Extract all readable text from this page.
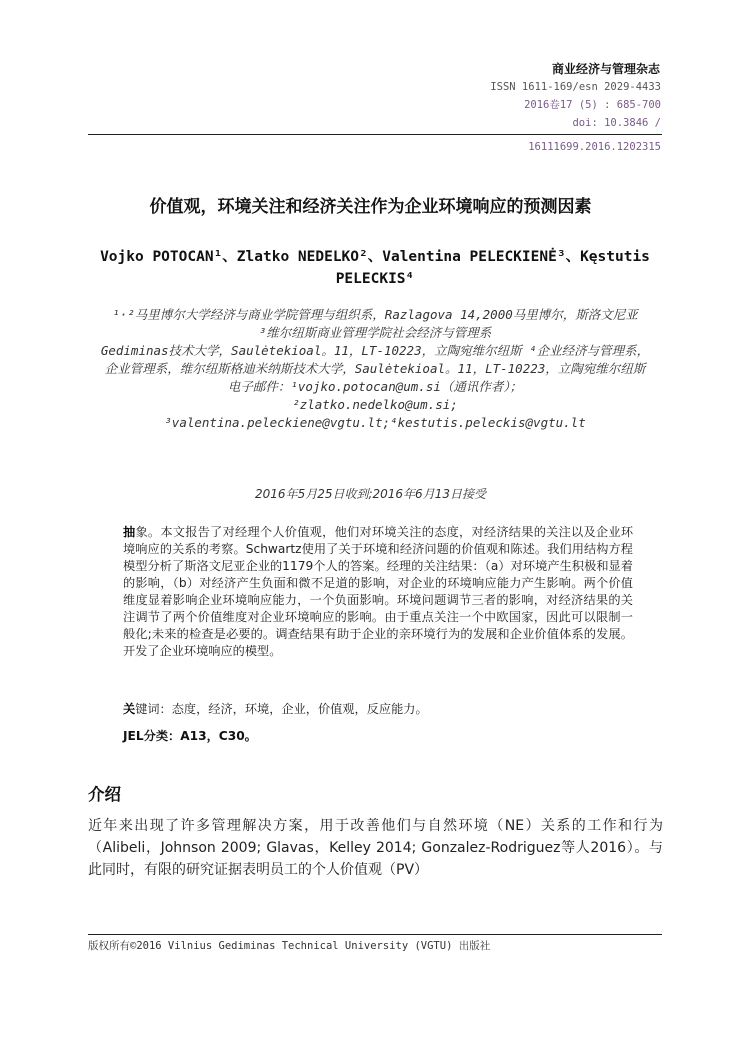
商业经济与管理杂志
ISSN 1611-169/esn 2029-4433
2016卷17 (5) : 685-700
doi: 10.3846 /
16111699.2016.1202315
价值观，环境关注和经济关注作为企业环境响应的预测因素
Vojko POTOCAN¹、Zlatko NEDELKO²、Valentina PELECKIENĖ³、Kęstutis
PELECKIS⁴

¹·²马里博尔大学经济与商业学院管理与组织系，Razlagova 14,2000马里博尔，斯洛文尼亚

³维尔纽斯商业管理学院社会经济与管理系

Gediminas技术大学，Saulėtekioal。11，LT-10223，立陶宛维尔纽斯 ⁴企业经济与管理系，企业管理系，维尔纽斯格迪米纳斯技术大学，Saulėtekioal。11，LT-10223，立陶宛维尔纽斯

电子邮件：¹vojko.potocan@um.si（通讯作者）；

²zlatko.nedelko@um.si;

³valentina.peleckiene@vgtu.lt;⁴kestutis.peleckis@vgtu.lt

2016年5月25日收到;2016年6月13日接受

抽象。本文报告了对经理个人价值观，他们对环境关注的态度，对经济结果的关注以及企业环境响应的关系的考察。Schwartz使用了关于环境和经济问题的价值观和陈述。我们用结构方程模型分析了斯洛文尼亚企业的1179个人的答案。经理的关注结果：（a）对环境产生积极和显着的影响，（b）对经济产生负面和微不足道的影响，对企业的环境响应能力产生影响。两个价值维度显着影响企业环境响应能力，一个负面影响。环境问题调节三者的影响，对经济结果的关注调节了两个价值维度对企业环境响应的影响。由于重点关注一个中欧国家，因此可以限制一般化;未来的检查是必要的。调查结果有助于企业的亲环境行为的发展和企业价值体系的发展。开发了企业环境响应的模型。

关键词：态度，经济，环境，企业，价值观，反应能力。
JEL分类：A13，C30。
介绍

近年来出现了许多管理解决方案，用于改善他们与自然环境（NE）关系的工作和行为（Alibeli，Johnson 2009; Glavas，Kelley 2014; Gonzalez-Rodriguez等人2016）。与此同时，有限的研究证据表明员工的个人价值观（PV）

版权所有©2016 Vilnius Gediminas Technical University (VGTU) 出版社
